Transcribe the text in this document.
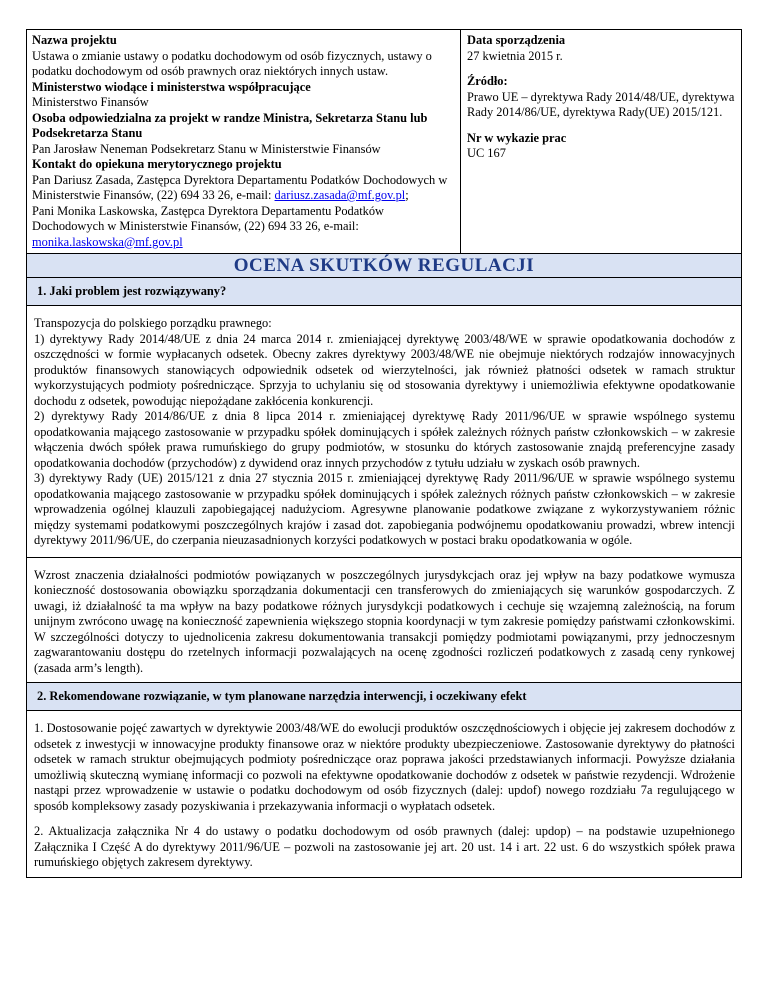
Nazwa projektu
Ustawa o zmianie ustawy o podatku dochodowym od osób fizycznych, ustawy o podatku dochodowym od osób prawnych oraz niektórych innych ustaw.
Ministerstwo wiodące i ministerstwa współpracujące
Ministerstwo Finansów
Osoba odpowiedzialna za projekt w randze Ministra, Sekretarza Stanu lub Podsekretarza Stanu
Pan Jarosław Neneman Podsekretarz Stanu w Ministerstwie Finansów
Kontakt do opiekuna merytorycznego projektu
Pan Dariusz Zasada, Zastępca Dyrektora Departamentu Podatków Dochodowych w Ministerstwie Finansów, (22) 694 33 26, e-mail: dariusz.zasada@mf.gov.pl;
Pani Monika Laskowska, Zastępca Dyrektora Departamentu Podatków Dochodowych w Ministerstwie Finansów, (22) 694 33 26, e-mail: monika.laskowska@mf.gov.pl

Data sporządzenia
27 kwietnia 2015 r.
Źródło:
Prawo UE – dyrektywa Rady 2014/48/UE, dyrektywa Rady 2014/86/UE, dyrektywa Rady(UE) 2015/121.
Nr w wykazie prac
UC 167
OCENA SKUTKÓW REGULACJI
1. Jaki problem jest rozwiązywany?

Transpozycja do polskiego porządku prawnego:

1) dyrektywy Rady 2014/48/UE z dnia 24 marca 2014 r. zmieniającej dyrektywę 2003/48/WE w sprawie opodatkowania dochodów z oszczędności w formie wypłacanych odsetek. Obecny zakres dyrektywy 2003/48/WE nie obejmuje niektórych rodzajów innowacyjnych produktów finansowych stanowiących odpowiednik odsetek od wierzytelności, jak również płatności odsetek w ramach struktur wykorzystujących podmioty pośredniczące. Sprzyja to uchylaniu się od stosowania dyrektywy i uniemożliwia efektywne opodatkowanie dochodu z odsetek, powodując niepożądane zakłócenia konkurencji.

2) dyrektywy Rady 2014/86/UE z dnia 8 lipca 2014 r. zmieniającej dyrektywę Rady 2011/96/UE w sprawie wspólnego systemu opodatkowania mającego zastosowanie w przypadku spółek dominujących i spółek zależnych różnych państw członkowskich – w zakresie włączenia dwóch spółek prawa rumuńskiego do grupy podmiotów, w stosunku do których zastosowanie znajdą preferencyjne zasady opodatkowania dochodów (przychodów) z dywidend oraz innych przychodów z tytułu udziału w zyskach osób prawnych.

3) dyrektywy Rady (UE) 2015/121 z dnia 27 stycznia 2015 r. zmieniającej dyrektywę Rady 2011/96/UE w sprawie wspólnego systemu opodatkowania mającego zastosowanie w przypadku spółek dominujących i spółek zależnych różnych państw członkowskich – w zakresie wprowadzenia ogólnej klauzuli zapobiegającej nadużyciom. Agresywne planowanie podatkowe związane z wykorzystywaniem różnic między systemami podatkowymi poszczególnych krajów i zasad dot. zapobiegania podwójnemu opodatkowaniu prowadzi, wbrew intencji dyrektywy 2011/96/UE, do czerpania nieuzasadnionych korzyści podatkowych w postaci braku opodatkowania w ogóle.

Wzrost znaczenia działalności podmiotów powiązanych w poszczególnych jurysdykcjach oraz jej wpływ na bazy podatkowe wymusza konieczność dostosowania obowiązku sporządzania dokumentacji cen transferowych do zmieniających się warunków gospodarczych. Z uwagi, iż działalność ta ma wpływ na bazy podatkowe różnych jurysdykcji podatkowych i cechuje się wzajemną zależnością, na forum unijnym zwrócono uwagę na konieczność zapewnienia większego stopnia koordynacji w tym zakresie pomiędzy państwami członkowskimi. W szczególności dotyczy to ujednolicenia zakresu dokumentowania transakcji pomiędzy podmiotami powiązanymi, przy jednoczesnym zagwarantowaniu dostępu do rzetelnych informacji pozwalających na ocenę zgodności rozliczeń podatkowych z zasadą ceny rynkowej (zasada arm’s length).

2. Rekomendowane rozwiązanie, w tym planowane narzędzia interwencji, i oczekiwany efekt

1. Dostosowanie pojęć zawartych w dyrektywie 2003/48/WE do ewolucji produktów oszczędnościowych i objęcie jej zakresem dochodów z odsetek z inwestycji w innowacyjne produkty finansowe oraz w niektóre produkty ubezpieczeniowe. Zastosowanie dyrektywy do płatności odsetek w ramach struktur obejmujących podmioty pośredniczące oraz poprawa jakości przedstawianych informacji. Powyższe działania umożliwią skuteczną wymianę informacji co pozwoli na efektywne opodatkowanie dochodów z odsetek w państwie rezydencji. Wdrożenie nastąpi przez wprowadzenie w ustawie o podatku dochodowym od osób fizycznych (dalej: updof) nowego rozdziału 7a regulującego w sposób kompleksowy zasady pozyskiwania i przekazywania informacji o wypłatach odsetek.

2. Aktualizacja załącznika Nr 4 do ustawy o podatku dochodowym od osób prawnych (dalej: updop) – na podstawie uzupełnionego Załącznika I Część A do dyrektywy 2011/96/UE – pozwoli na zastosowanie jej art. 20 ust. 14 i art. 22 ust. 6 do wszystkich spółek prawa rumuńskiego objętych zakresem dyrektywy.
